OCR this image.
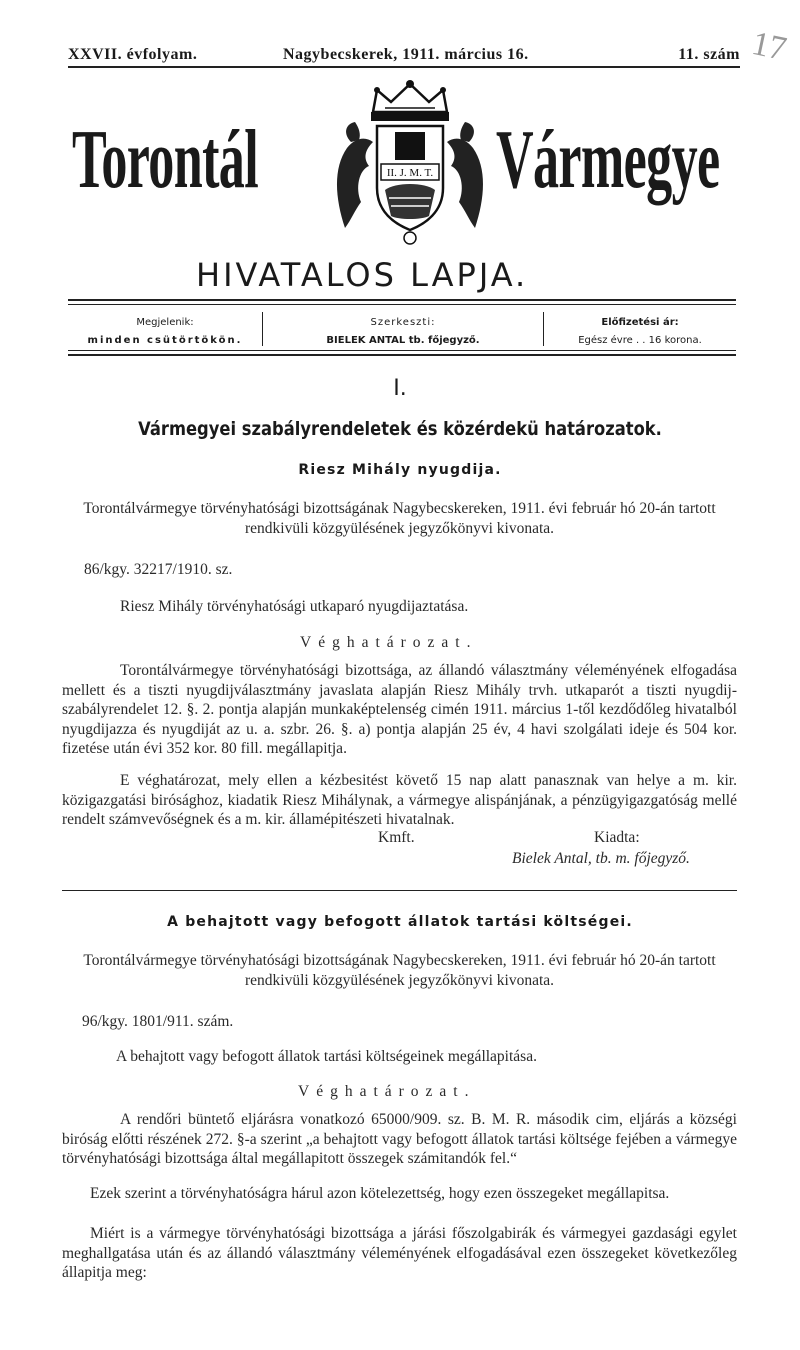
XXVII. évfolyam.	Nagybecskerek, 1911. március 16.	11. szám 17
Torontál	Vármegye
II. J. M. T.
HIVATALOS LAPJA.
Megjelenik:
minden csütörtökön.
Szerkeszti:
BIELEK ANTAL tb. főjegyző.
Előfizetési ár:
Egész évre . . 16 korona.
I.
Vármegyei szabályrendeletek és közérdekü határozatok.
Riesz Mihály nyugdija.
Torontálvármegye törvényhatósági bizottságának Nagybecskereken, 1911. évi február hó 20-án tartott rendkivüli közgyülésének jegyzőkönyvi kivonata.
86/kgy. 32217/1910. sz.
Riesz Mihály törvényhatósági utkaparó nyugdijaztatása.
Véghatározat.
Torontálvármegye törvényhatósági bizottsága, az állandó választmány véleményének elfogadása mellett és a tiszti nyugdijválasztmány javaslata alapján Riesz Mihály trvh. utkaparót a tiszti nyugdij-szabályrendelet 12. §. 2. pontja alapján munkaképtelenség cimén 1911. március 1-től kezdődőleg hivatalból nyugdijazza és nyugdiját az u. a. szbr. 26. §. a) pontja alapján 25 év, 4 havi szolgálati ideje és 504 kor. fizetése után évi 352 kor. 80 fill. megállapitja.
E véghatározat, mely ellen a kézbesitést követő 15 nap alatt panasznak van helye a m. kir. közigazgatási birósághoz, kiadatik Riesz Mihálynak, a vármegye alispánjának, a pénzügyigazgatóság mellé rendelt számvevőségnek és a m. kir. államépitészeti hivatalnak.
Kmft.	Kiadta:
Bielek Antal, tb. m. főjegyző.
A behajtott vagy befogott állatok tartási költségei.
Torontálvármegye törvényhatósági bizottságának Nagybecskereken, 1911. évi február hó 20-án tartott rendkivüli közgyülésének jegyzőkönyvi kivonata.
96/kgy. 1801/911. szám.
A behajtott vagy befogott állatok tartási költségeinek megállapitása.
Véghatározat.
A rendőri büntető eljárásra vonatkozó 65000/909. sz. B. M. R. második cim, eljárás a községi biróság előtti részének 272. §-a szerint „a behajtott vagy befogott állatok tartási költsége fejében a vármegye törvényhatósági bizottsága által megállapitott összegek számitandók fel.“
Ezek szerint a törvényhatóságra hárul azon kötelezettség, hogy ezen összegeket megállapitsa.
Miért is a vármegye törvényhatósági bizottsága a járási főszolgabirák és vármegyei gazdasági egylet meghallgatása után és az állandó választmány véleményének elfogadásával ezen összegeket következőleg állapitja meg:
